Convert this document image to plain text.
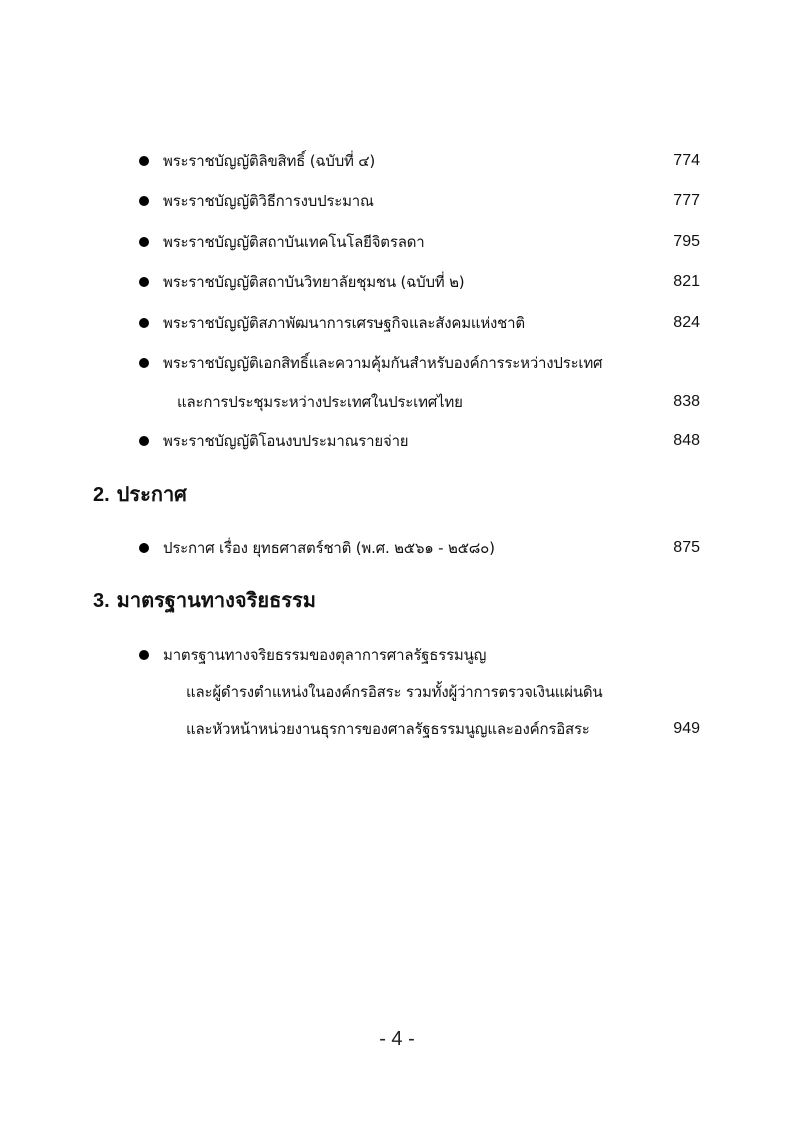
พระราชบัญญัติลิขสิทธิ์ (ฉบับที่ ๔)	774
พระราชบัญญัติวิธีการงบประมาณ	777
พระราชบัญญัติสถาบันเทคโนโลยีจิตรลดา	795
พระราชบัญญัติสถาบันวิทยาลัยชุมชน (ฉบับที่ ๒)	821
พระราชบัญญัติสภาพัฒนาการเศรษฐกิจและสังคมแห่งชาติ	824
พระราชบัญญัติเอกสิทธิ์และความคุ้มกันสำหรับองค์การระหว่างประเทศ
และการประชุมระหว่างประเทศในประเทศไทย	838
พระราชบัญญัติโอนงบประมาณรายจ่าย	848
2. ประกาศ
ประกาศ เรื่อง ยุทธศาสตร์ชาติ (พ.ศ. ๒๕๖๑ - ๒๕๘๐)	875
3. มาตรฐานทางจริยธรรม
มาตรฐานทางจริยธรรมของตุลาการศาลรัฐธรรมนูญ
และผู้ดำรงตำแหน่งในองค์กรอิสระ รวมทั้งผู้ว่าการตรวจเงินแผ่นดิน
และหัวหน้าหน่วยงานธุรการของศาลรัฐธรรมนูญและองค์กรอิสระ	949
- 4 -
